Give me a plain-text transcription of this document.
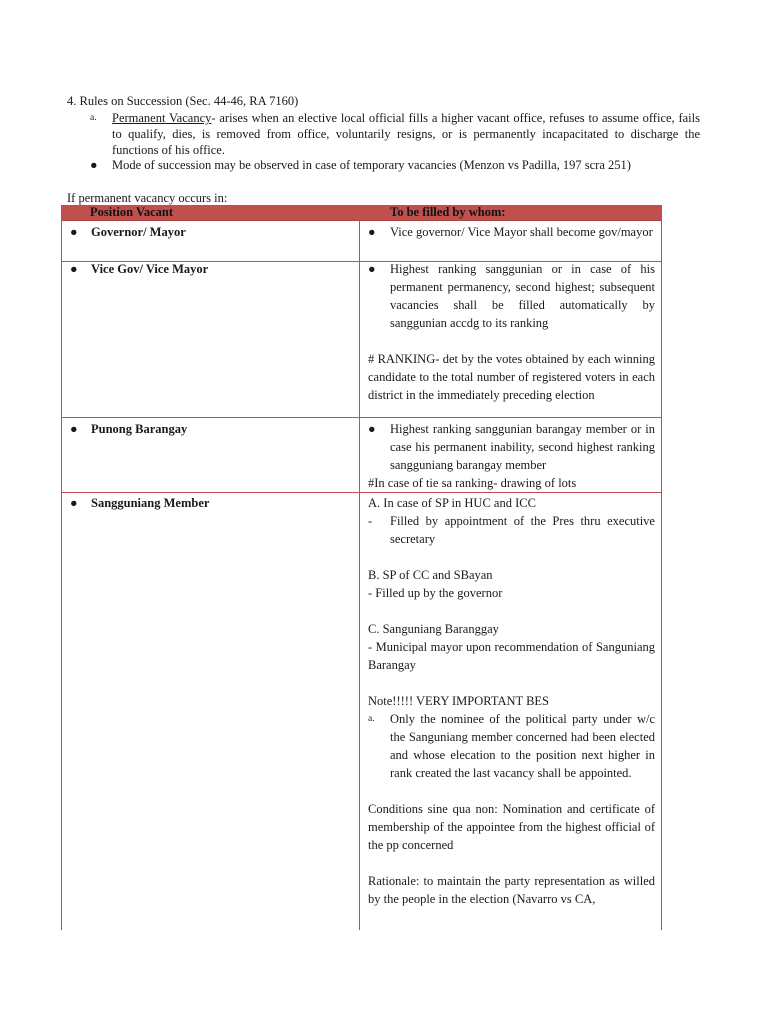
4. Rules on Succession (Sec. 44-46, RA 7160)
a. Permanent Vacancy- arises when an elective local official fills a higher vacant office, refuses to assume office, fails to qualify, dies, is removed from office, voluntarily resigns, or is permanently incapacitated to discharge the functions of his office.
● Mode of succession may be observed in case of temporary vacancies (Menzon vs Padilla, 197 scra 251)
If permanent vacancy occurs in:
Position Vacant	To be filled by whom:
● Governor/ Mayor	●	Vice governor/ Vice Mayor shall become gov/mayor
● Vice Gov/ Vice Mayor	●	Highest ranking sanggunian or in case of his permanent permanency, second highest; subsequent vacancies shall be filled automatically by sanggunian accdg to its ranking
# RANKING- det by the votes obtained by each winning candidate to the total number of registered voters in each district in the immediately preceding election
● Punong Barangay	●	Highest ranking sanggunian barangay member or in case his permanent inability, second highest ranking sangguniang barangay member
#In case of tie sa ranking- drawing of lots
● Sangguniang Member	A. In case of SP in HUC and ICC
- Filled by appointment of the Pres thru executive secretary
B. SP of CC and SBayan
- Filled up by the governor
C. Sanguniang Baranggay
- Municipal mayor upon recommendation of Sanguniang Barangay
Note!!!!! VERY IMPORTANT BES
a. Only the nominee of the political party under w/c the Sanguniang member concerned had been elected and whose elecation to the position next higher in rank created the last vacancy shall be appointed.
Conditions sine qua non: Nomination and certificate of membership of the appointee from the highest official of the pp concerned
Rationale: to maintain the party representation as willed by the people in the election (Navarro vs CA,
